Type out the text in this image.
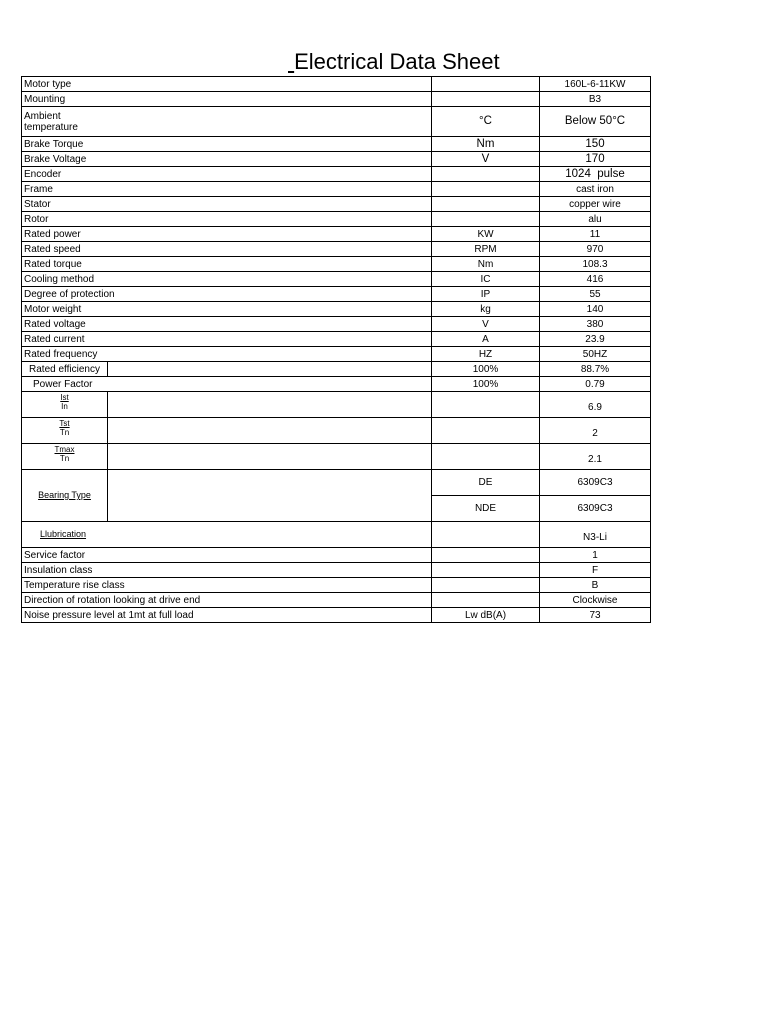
Electrical Data Sheet
Motor type			160L-6-11KW
Mounting			B3

Ambient
temperature		°C	Below 50°C
Brake Torque		Nm	150
Brake Voltage		V	170
Encoder			1024  pulse
Frame			cast iron
Stator			copper wire
Rotor			alu
Rated power		KW	11
Rated speed		RPM	970
Rated torque		Nm	108.3
Cooling method		IC	416
Degree of protection		IP	55
Motor weight		kg	140
Rated voltage		V	380
Rated current		A	23.9
Rated frequency		HZ	50HZ
Rated efficiency		100%	88.7%
Power Factor		100%	0.79

$\frac{\text{Ist}}{In}$			6.9

$\frac{\text{Tst}}{Tn}$			2

$\frac{Tmax}{Tn}$			2.1
Bearing Type		DE	6309C3
		NDE	6309C3
Llubrication			N3-Li
Service factor			1
Insulation class			F
Temperature rise class			B
Direction of rotation looking at drive end			Clockwise
Noise pressure level at 1mt at full load		Lw dB(A)	73
